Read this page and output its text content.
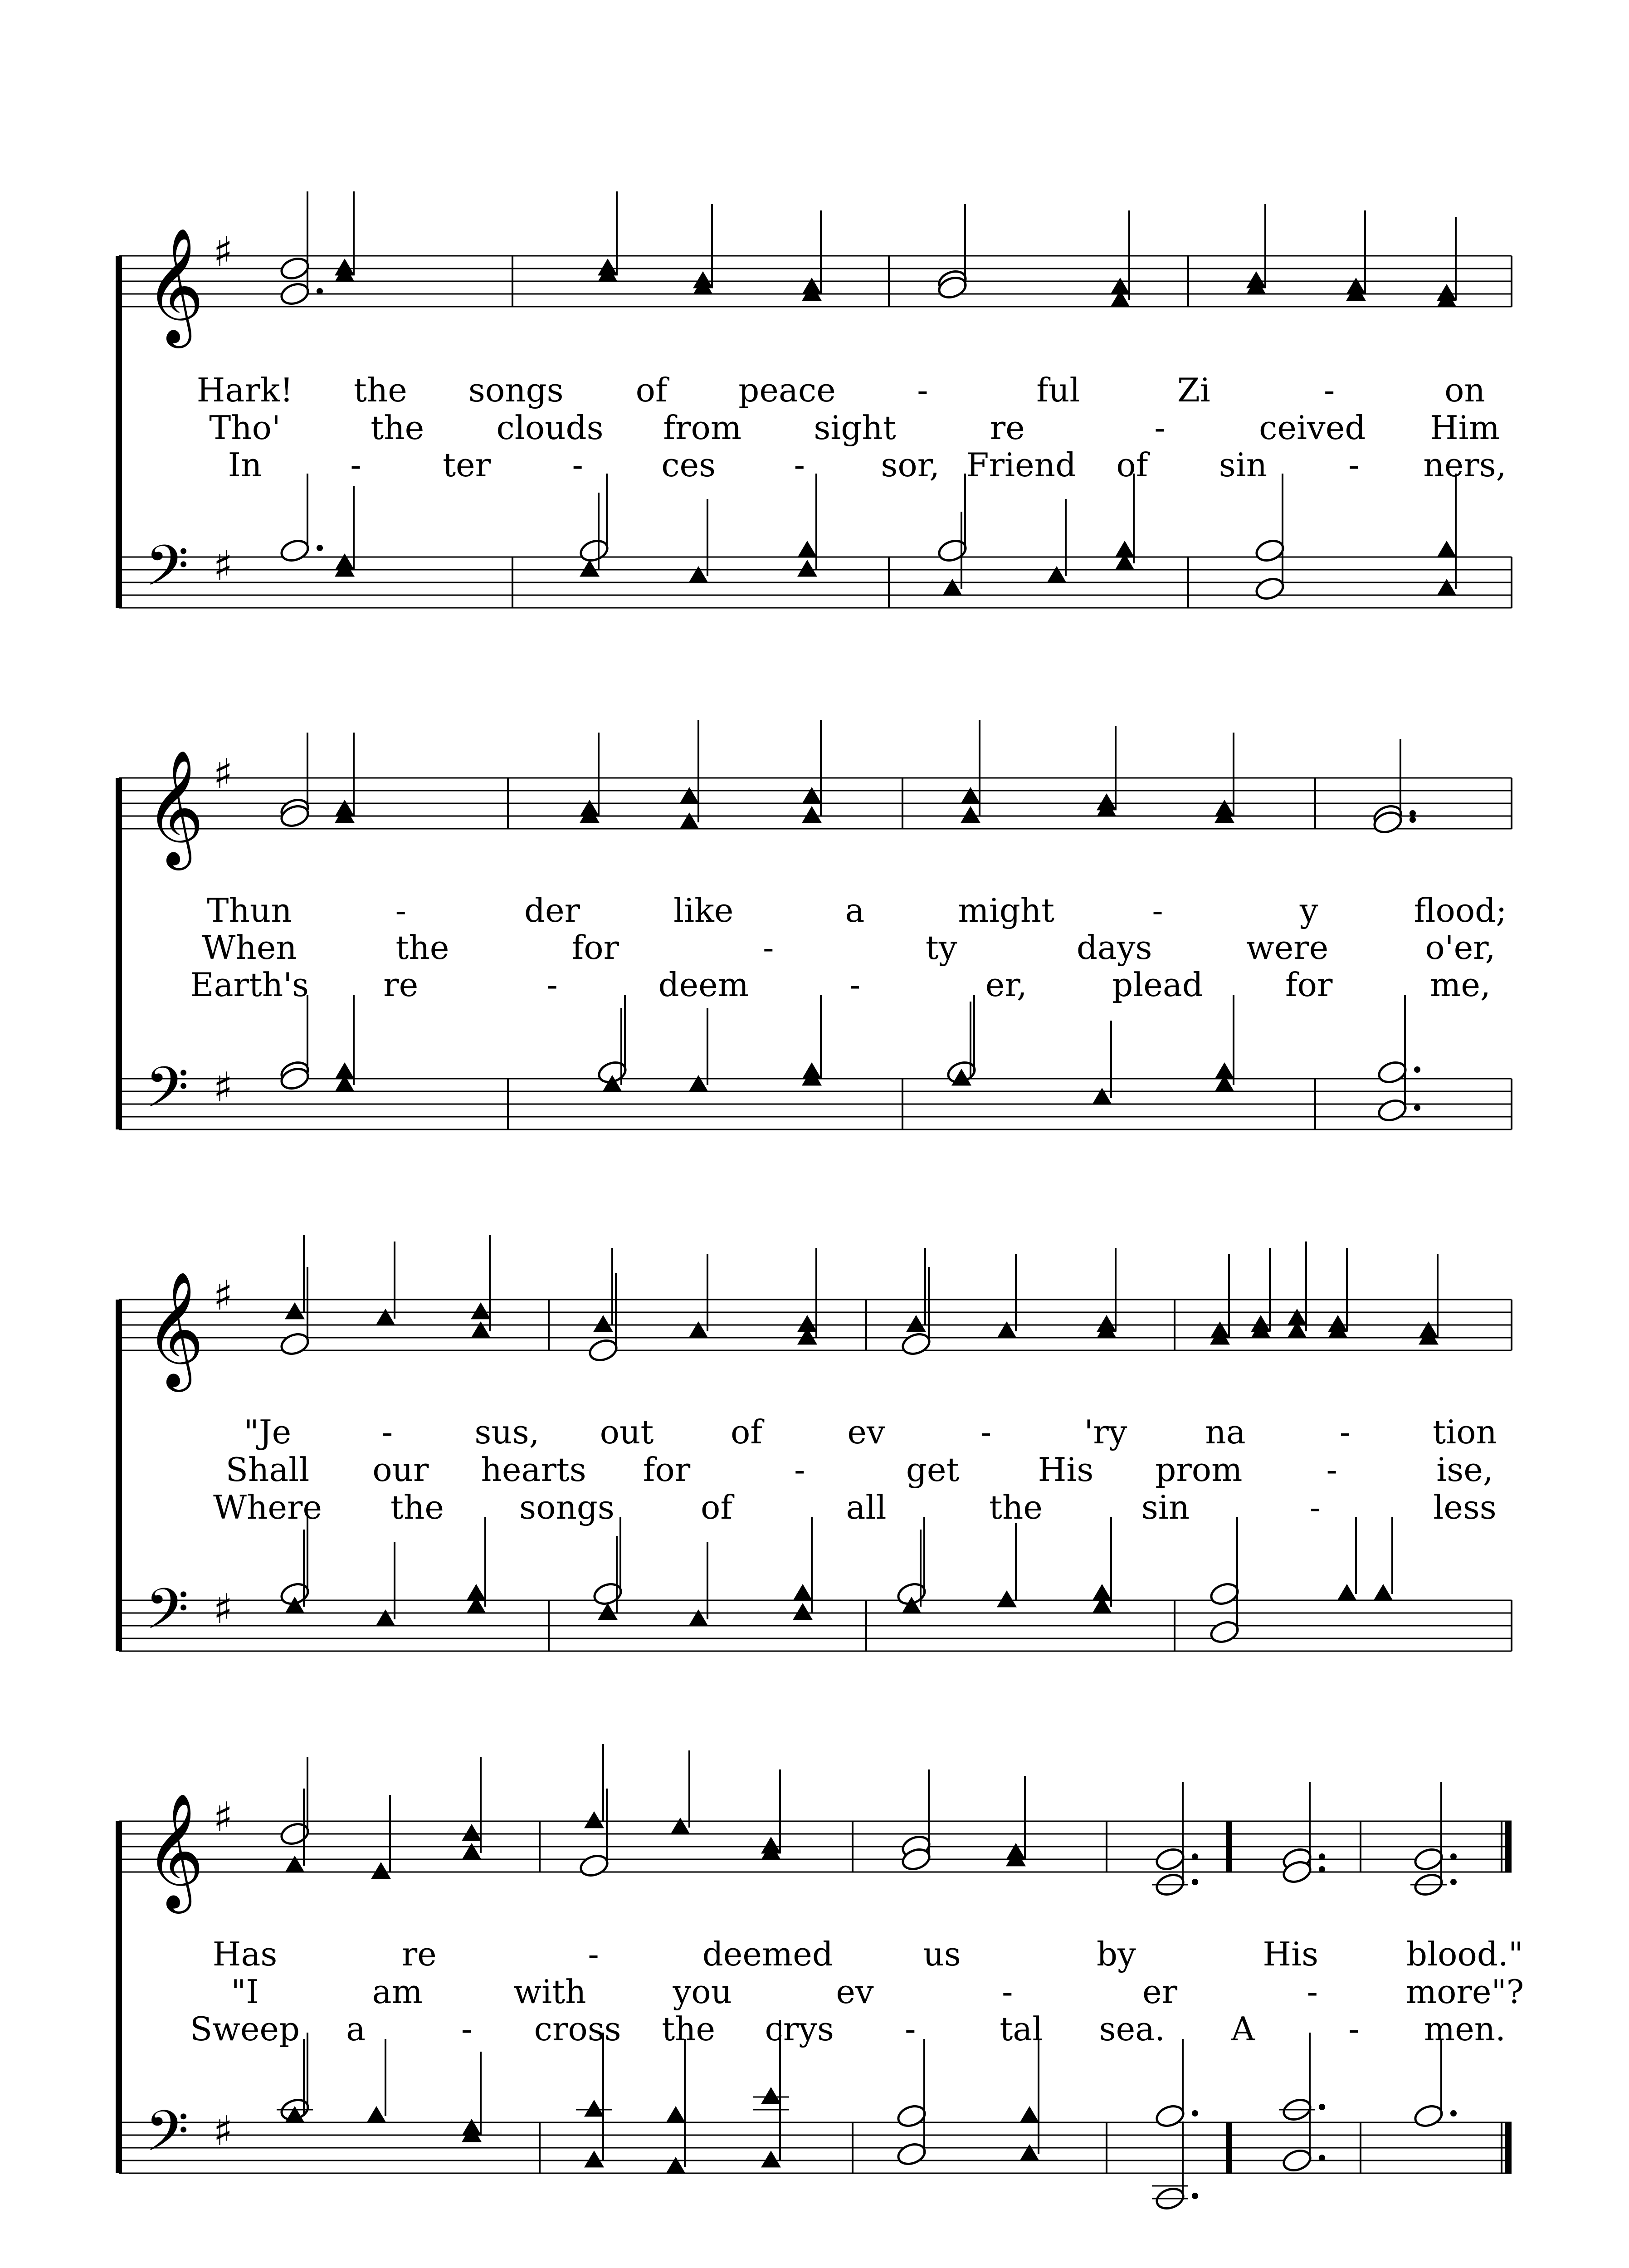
𝄞 ♯
𝄢 ♯
Hark! the songs of peace -	ful	Zi	-	on
Tho'	the clouds from sight	re	-	ceived Him
In	- ter - ces - sor, Friend of sin - ners,
𝄞 ♯
𝄢 ♯
Thun	-	der	like	a	might	-	y	flood;
When	the	for	-	ty	days	were	o'er,
Earth's re	-	deem	-	er,	plead	for	me,
𝄞 ♯
𝄢 ♯
"Je	-	sus, out of	ev	-	'ry na	-	tion
Shall our hearts for	-	get His prom	-	ise,
Where the songs	of	all	the	sin	-	less
𝄞 ♯
𝄢 ♯
Has	re	-	deemed	us	by	His	blood."
"I	am	with	you	ev	-	er	-	more"?
Sweep a	- cross the crys -	tal sea. A	- men.
